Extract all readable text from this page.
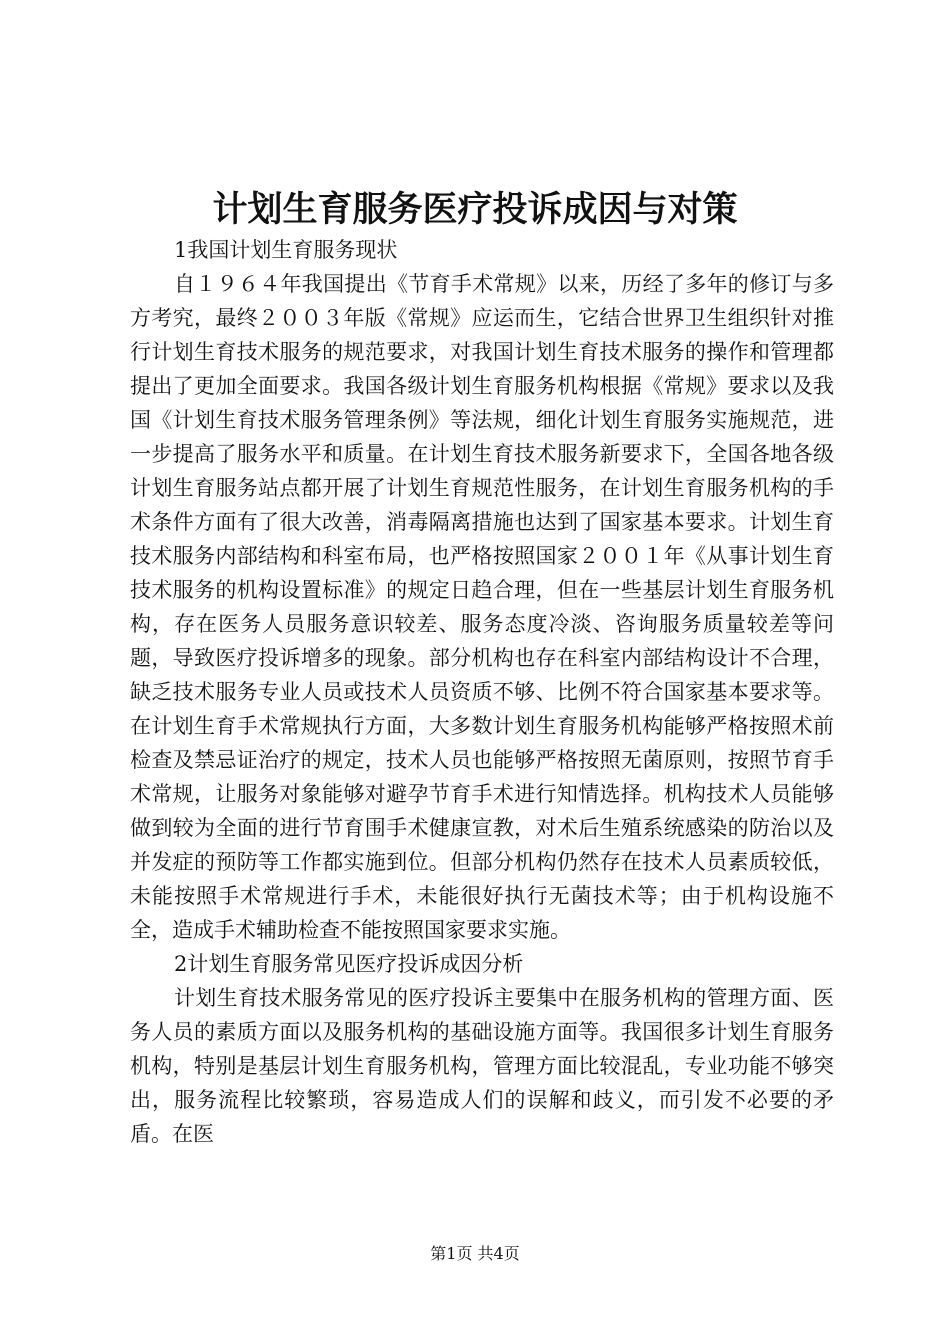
计划生育服务医疗投诉成因与对策

1我国计划生育服务现状

自１９６４年我国提出《节育手术常规》以来，历经了多年的修订与多方考究，最终２００３年版《常规》应运而生，它结合世界卫生组织针对推行计划生育技术服务的规范要求，对我国计划生育技术服务的操作和管理都提出了更加全面要求。我国各级计划生育服务机构根据《常规》要求以及我国《计划生育技术服务管理条例》等法规，细化计划生育服务实施规范，进一步提高了服务水平和质量。在计划生育技术服务新要求下，全国各地各级计划生育服务站点都开展了计划生育规范性服务，在计划生育服务机构的手术条件方面有了很大改善，消毒隔离措施也达到了国家基本要求。计划生育技术服务内部结构和科室布局，也严格按照国家２００１年《从事计划生育技术服务的机构设置标准》的规定日趋合理，但在一些基层计划生育服务机构，存在医务人员服务意识较差、服务态度冷淡、咨询服务质量较差等问题，导致医疗投诉增多的现象。部分机构也存在科室内部结构设计不合理，缺乏技术服务专业人员或技术人员资质不够、比例不符合国家基本要求等。在计划生育手术常规执行方面，大多数计划生育服务机构能够严格按照术前检查及禁忌证治疗的规定，技术人员也能够严格按照无菌原则，按照节育手术常规，让服务对象能够对避孕节育手术进行知情选择。机构技术人员能够做到较为全面的进行节育围手术健康宣教，对术后生殖系统感染的防治以及并发症的预防等工作都实施到位。但部分机构仍然存在技术人员素质较低，未能按照手术常规进行手术，未能很好执行无菌技术等；由于机构设施不全，造成手术辅助检查不能按照国家要求实施。

2计划生育服务常见医疗投诉成因分析

计划生育技术服务常见的医疗投诉主要集中在服务机构的管理方面、医务人员的素质方面以及服务机构的基础设施方面等。我国很多计划生育服务机构，特别是基层计划生育服务机构，管理方面比较混乱，专业功能不够突出，服务流程比较繁琐，容易造成人们的误解和歧义，而引发不必要的矛盾。在医

第1页 共4页
